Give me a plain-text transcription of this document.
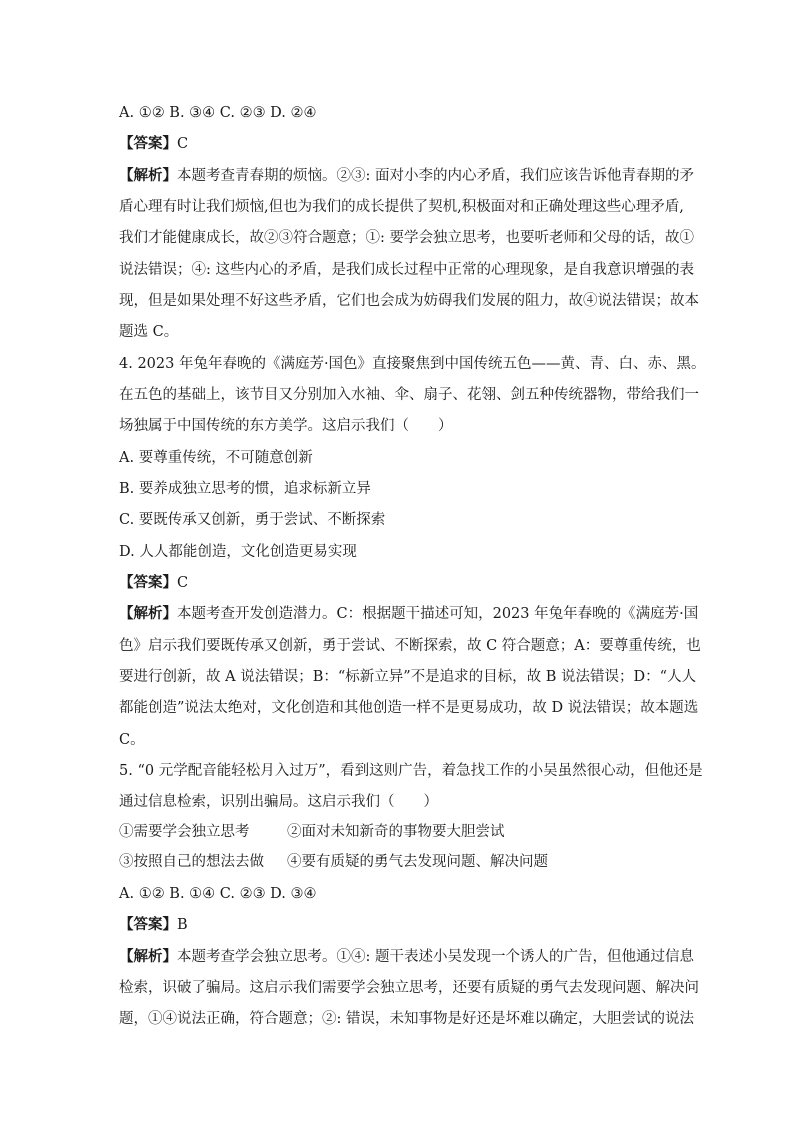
A. ①② B. ③④ C. ②③ D. ②④
【答案】C
【解析】本题考查青春期的烦恼。②③: 面对小李的内心矛盾，我们应该告诉他青春期的矛
盾心理有时让我们烦恼,但也为我们的成长提供了契机,积极面对和正确处理这些心理矛盾,
我们才能健康成长，故②③符合题意；①: 要学会独立思考，也要听老师和父母的话，故①
说法错误；④: 这些内心的矛盾，是我们成长过程中正常的心理现象，是自我意识增强的表
现，但是如果处理不好这些矛盾，它们也会成为妨碍我们发展的阻力，故④说法错误；故本
题选 C。
4. 2023 年兔年春晚的《满庭芳·国色》直接聚焦到中国传统五色——黄、青、白、赤、黑。
在五色的基础上，该节目又分别加入水袖、伞、扇子、花翎、剑五种传统器物，带给我们一
场独属于中国传统的东方美学。这启示我们（　　）
A. 要尊重传统，不可随意创新
B. 要养成独立思考的惯，追求标新立异
C. 要既传承又创新，勇于尝试、不断探索
D. 人人都能创造，文化创造更易实现
【答案】C
【解析】本题考查开发创造潜力。C：根据题干描述可知，2023 年兔年春晚的《满庭芳·国
色》启示我们要既传承又创新，勇于尝试、不断探索，故 C 符合题意；A：要尊重传统，也
要进行创新，故 A 说法错误；B：“标新立异”不是追求的目标，故 B 说法错误；D：“人人
都能创造”说法太绝对，文化创造和其他创造一样不是更易成功，故 D 说法错误；故本题选
C。
5. “0 元学配音能轻松月入过万”，看到这则广告，着急找工作的小吴虽然很心动，但他还是
通过信息检索，识别出骗局。这启示我们（　　）
①需要学会独立思考	②面对未知新奇的事物要大胆尝试
③按照自己的想法去做 ④要有质疑的勇气去发现问题、解决问题
A. ①② B. ①④ C. ②③ D. ③④
【答案】B
【解析】本题考查学会独立思考。①④: 题干表述小吴发现一个诱人的广告，但他通过信息
检索，识破了骗局。这启示我们需要学会独立思考，还要有质疑的勇气去发现问题、解决问
题，①④说法正确，符合题意；②: 错误，未知事物是好还是坏难以确定，大胆尝试的说法
